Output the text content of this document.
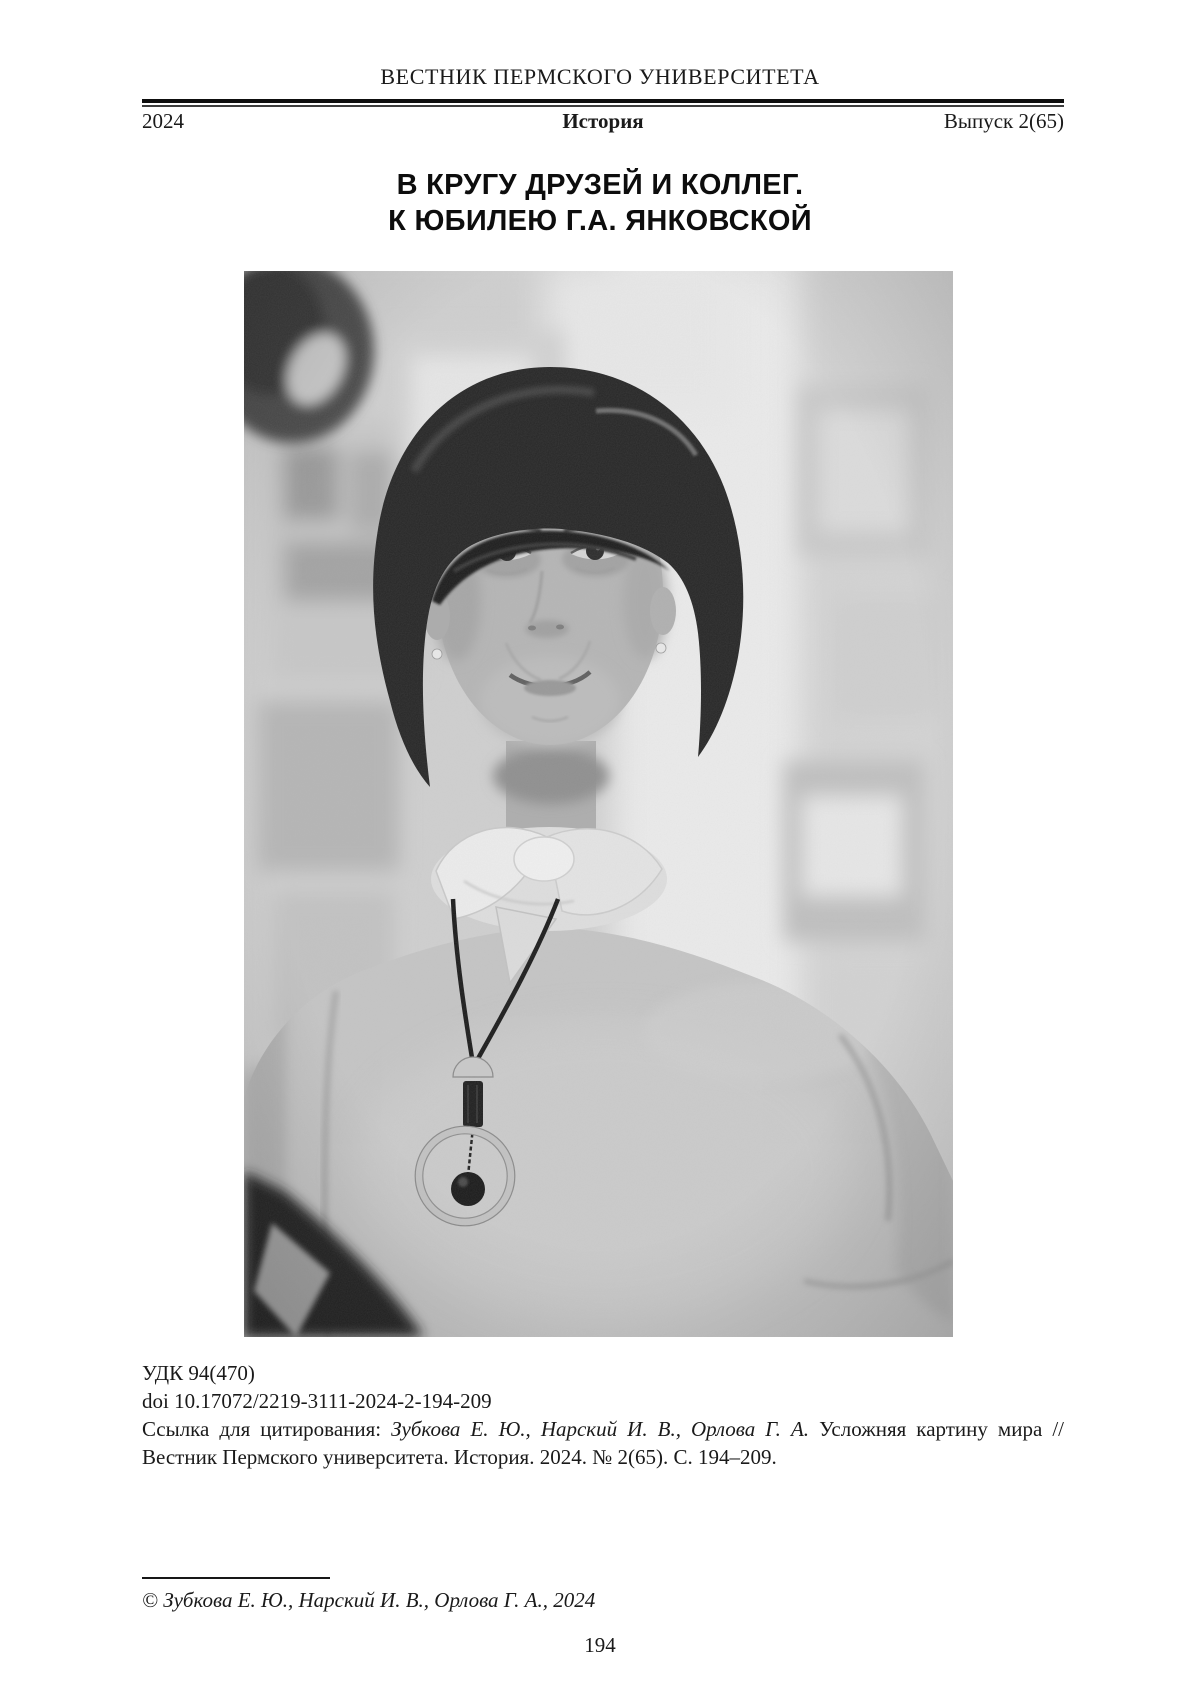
ВЕСТНИК ПЕРМСКОГО УНИВЕРСИТЕТА
2024	История	Выпуск 2(65)
В КРУГУ ДРУЗЕЙ И КОЛЛЕГ.
К ЮБИЛЕЮ Г.А. ЯНКОВСКОЙ

УДК 94(470)

doi 10.17072/2219-3111-2024-2-194-209

Ссылка для цитирования: Зубкова Е. Ю., Нарский И. В., Орлова Г. А. Усложняя картину мира // Вестник Пермского университета. История. 2024. № 2(65). С. 194–209.

© Зубкова Е. Ю., Нарский И. В., Орлова Г. А., 2024
194
